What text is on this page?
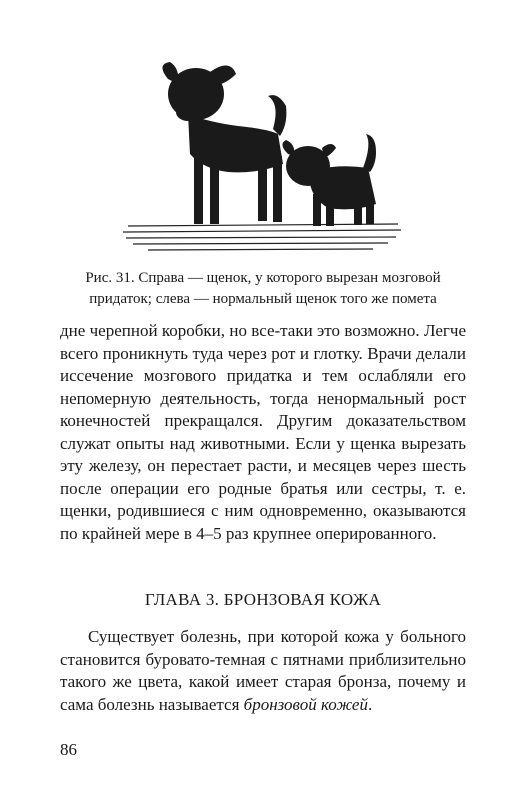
Рис. 31. Справа — щенок, у которого вырезан мозговой
придаток; слева — нормальный щенок того же помета

дне черепной коробки, но все-таки это возможно. Легче всего проникнуть туда через рот и глотку. Врачи делали иссечение мозгового придатка и тем ослабляли его непомерную деятельность, тогда ненормальный рост конечностей прекращался. Другим доказательством служат опыты над животными. Если у щенка вырезать эту железу, он перестает расти, и месяцев через шесть после операции его родные братья или сестры, т. е. щенки, родившиеся с ним одновременно, оказываются по крайней мере в 4–5 раз крупнее оперированного.

ГЛАВА 3. БРОНЗОВАЯ КОЖА

Существует болезнь, при которой кожа у больного становится буровато-темная с пятнами приблизительно такого же цвета, какой имеет старая бронза, почему и сама болезнь называется бронзовой кожей.

86
